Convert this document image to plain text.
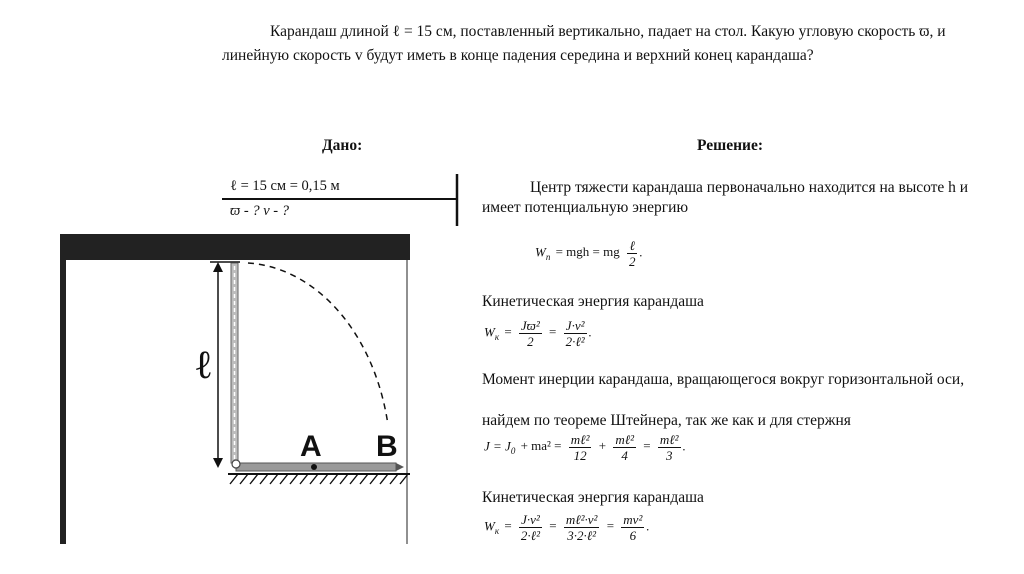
Карандаш длиной ℓ = 15 см, поставленный вертикально, падает на стол. Какую угловую скорость ϖ, и линейную скорость v будут иметь в конце падения середина и верхний конец карандаша?

Дано:
ℓ = 15 см = 0,15 м
ϖ - ? v - ?
Решение:
Центр тяжести карандаша первоначально находится на высоте h и имеет потенциальную энергию
$W_п$ = mgh = mg $\frac{\text{ℓ}}{2}$ .
Кинетическая энергия карандаша
$W_к = \frac{\text{Jϖ²}}{2} = \frac{\text{J·v²}}{\text{2·ℓ²}}$ .
Момент инерции карандаша, вращающегося вокруг горизонтальной оси,
найдем по теореме Штейнера, так же как и для стержня
$J = J_0 + ma^2 = \frac{\text{mℓ²}}{12} + \frac{\text{mℓ²}}{4} = \frac{\text{mℓ²}}{3}$ .
Кинетическая энергия карандаша
$W_к = \frac{\text{J·v²}}{\text{2·ℓ²}} = \frac{\text{mℓ²·v²}}{\text{3·2·ℓ²}} = \frac{\text{mv²}}{6}$ .
ℓ
A B
